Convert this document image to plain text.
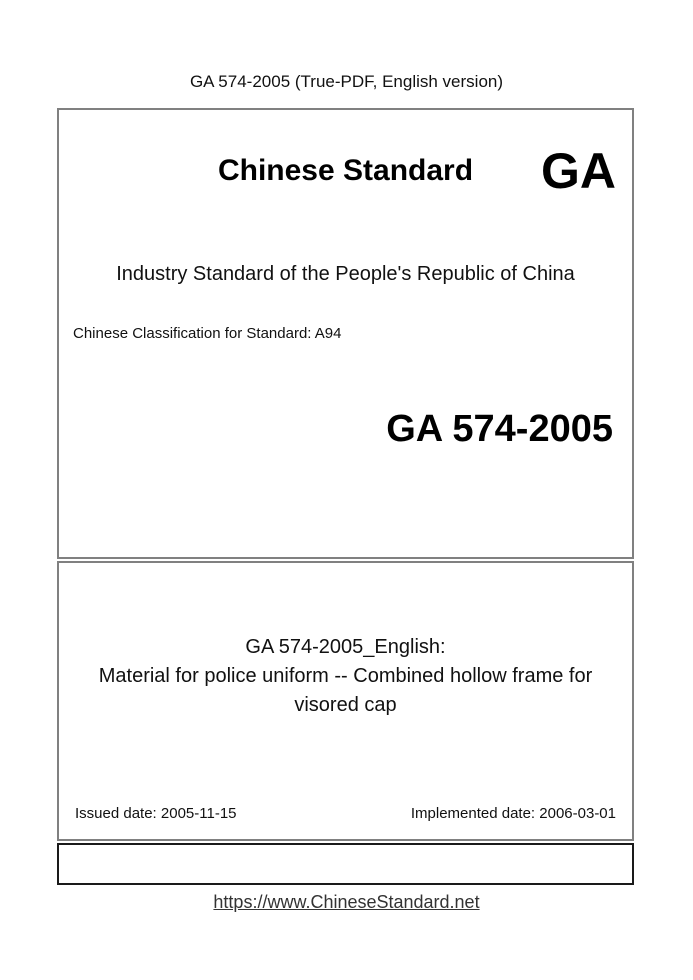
GA 574-2005 (True-PDF, English version)
Chinese Standard	GA
Industry Standard of the People's Republic of China
Chinese Classification for Standard: A94
GA 574-2005
GA 574-2005_English:
Material for police uniform -- Combined hollow frame for visored cap
Issued date: 2005-11-15	Implemented date: 2006-03-01
https://www.ChineseStandard.net
